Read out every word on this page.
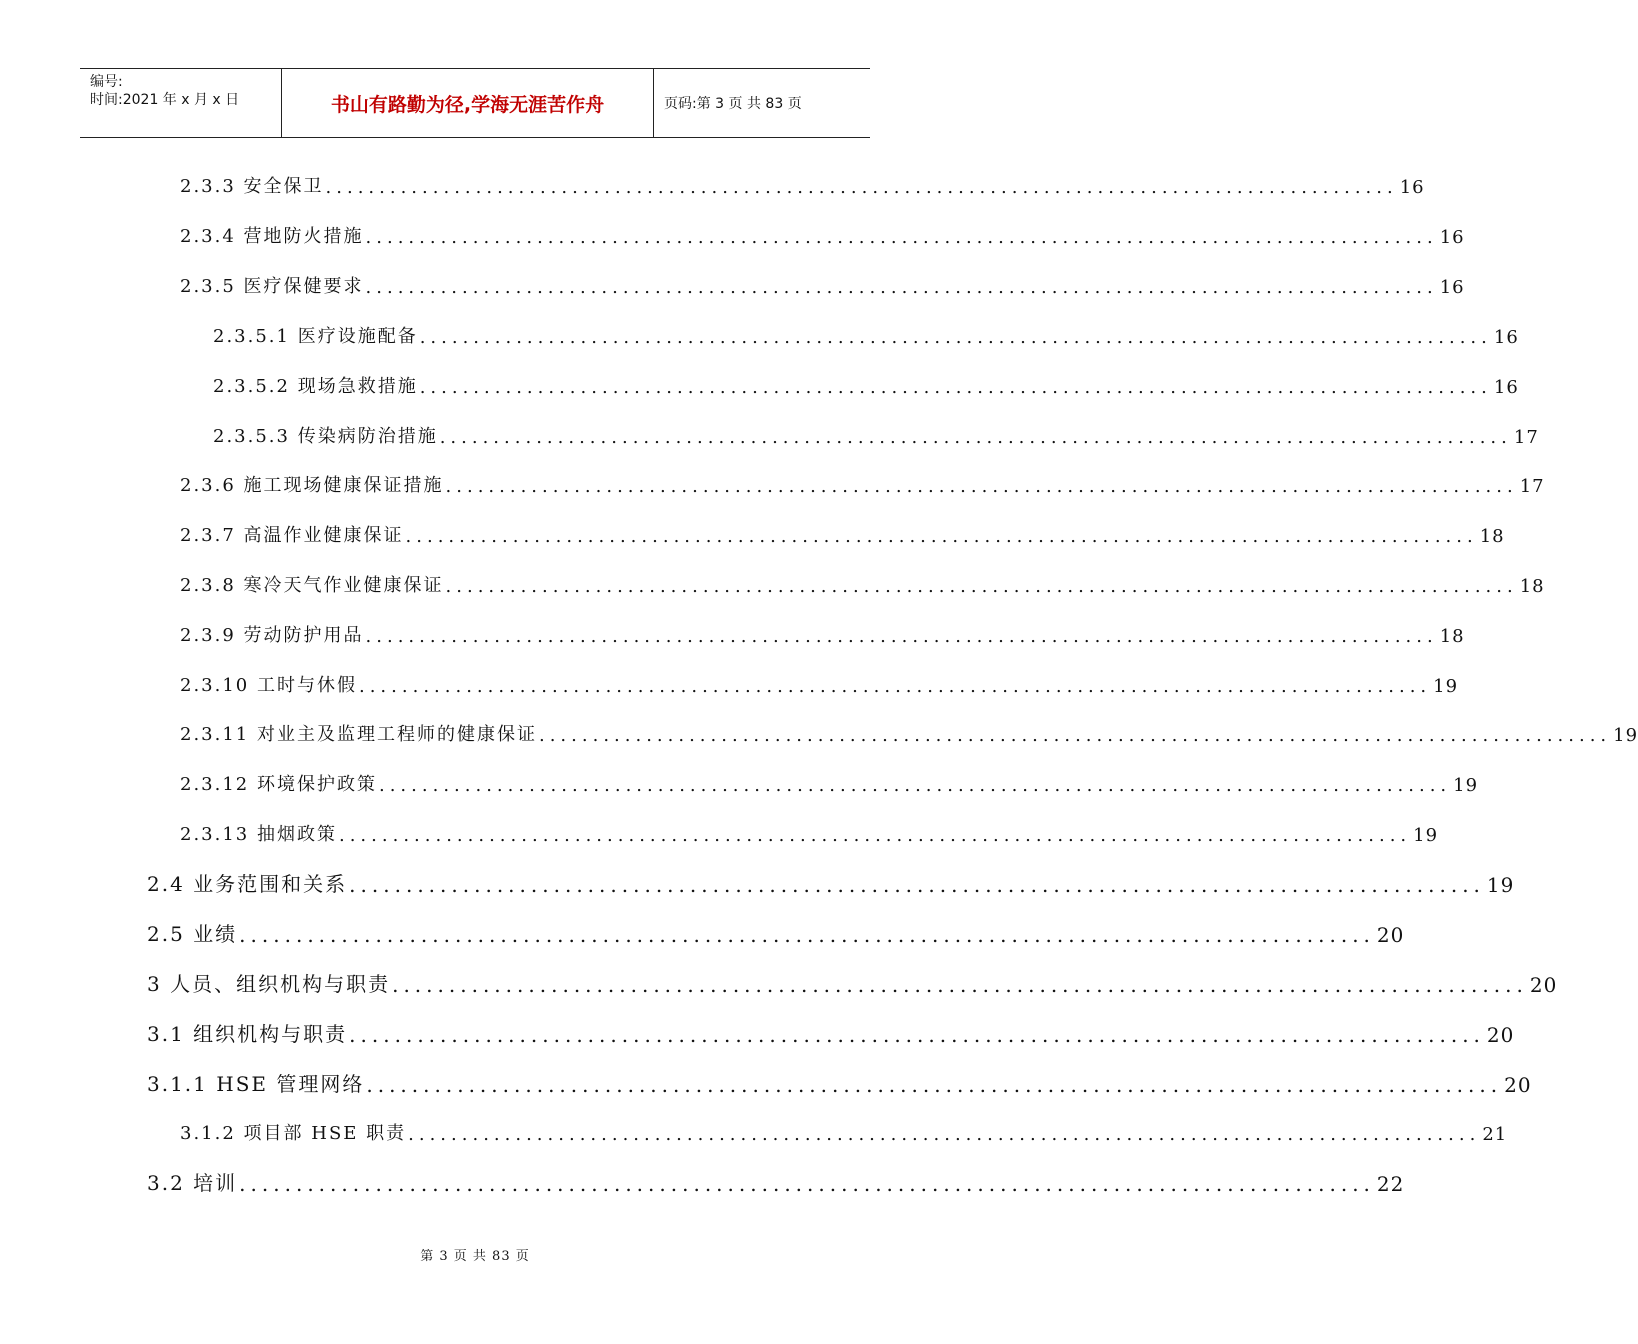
编号:
时间:2021 年 x 月 x 日	书山有路勤为径,学海无涯苦作舟	页码:第 3 页 共 83 页
2.3.3 安全保卫 .................................................................................................... 16
2.3.4 营地防火措施 .................................................................................................... 16
2.3.5 医疗保健要求 .................................................................................................... 16
2.3.5.1 医疗设施配备 .................................................................................................... 16
2.3.5.2 现场急救措施 .................................................................................................... 16
2.3.5.3 传染病防治措施 .................................................................................................... 17
2.3.6 施工现场健康保证措施 .................................................................................................... 17
2.3.7 高温作业健康保证 .................................................................................................... 18
2.3.8 寒冷天气作业健康保证 .................................................................................................... 18
2.3.9 劳动防护用品 .................................................................................................... 18
2.3.10 工时与休假 .................................................................................................... 19
2.3.11 对业主及监理工程师的健康保证 .................................................................................................... 19
2.3.12 环境保护政策 .................................................................................................... 19
2.3.13 抽烟政策 .................................................................................................... 19
2.4 业务范围和关系 .................................................................................................... 19
2.5 业绩 .................................................................................................... 20
3 人员、组织机构与职责 .................................................................................................... 20
3.1 组织机构与职责 .................................................................................................... 20
3.1.1 HSE 管理网络 .................................................................................................... 20
3.1.2 项目部 HSE 职责 .................................................................................................... 21
3.2 培训 .................................................................................................... 22
第 3 页 共 83 页
